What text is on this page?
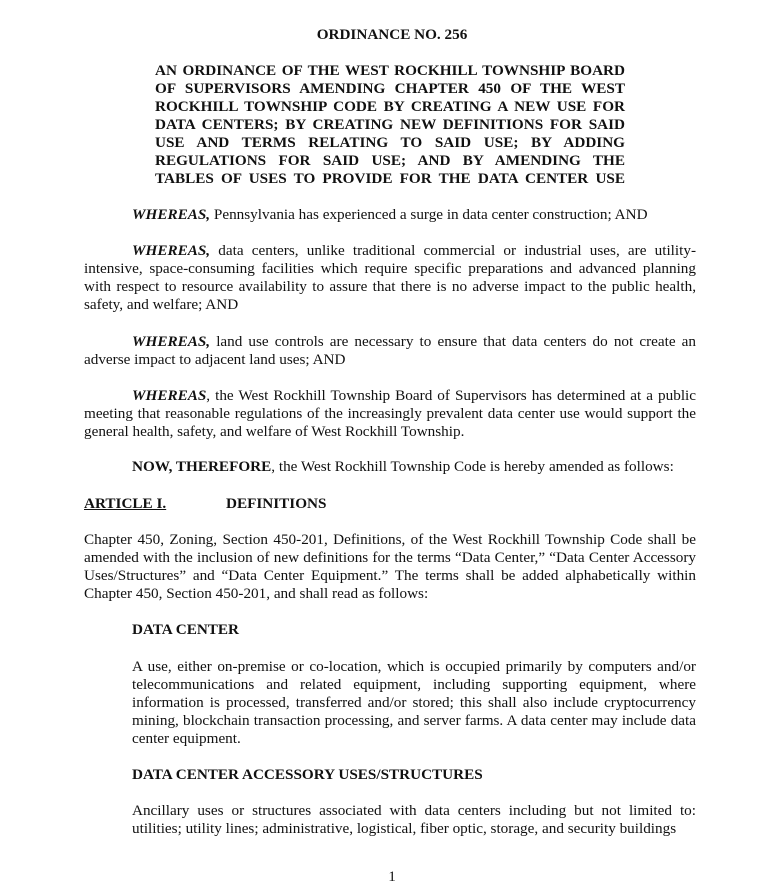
ORDINANCE NO. 256
AN ORDINANCE OF THE WEST ROCKHILL TOWNSHIP BOARD OF SUPERVISORS AMENDING CHAPTER 450 OF THE WEST ROCKHILL TOWNSHIP CODE BY CREATING A NEW USE FOR DATA CENTERS; BY CREATING NEW DEFINITIONS FOR SAID USE AND TERMS RELATING TO SAID USE; BY ADDING REGULATIONS FOR SAID USE; AND BY AMENDING THE TABLES OF USES TO PROVIDE FOR THE DATA CENTER USE
WHEREAS, Pennsylvania has experienced a surge in data center construction; AND
WHEREAS, data centers, unlike traditional commercial or industrial uses, are utility-intensive, space-consuming facilities which require specific preparations and advanced planning with respect to resource availability to assure that there is no adverse impact to the public health, safety, and welfare; AND
WHEREAS, land use controls are necessary to ensure that data centers do not create an adverse impact to adjacent land uses; AND
WHEREAS, the West Rockhill Township Board of Supervisors has determined at a public meeting that reasonable regulations of the increasingly prevalent data center use would support the general health, safety, and welfare of West Rockhill Township.
NOW, THEREFORE, the West Rockhill Township Code is hereby amended as follows:
ARTICLE I.	DEFINITIONS
Chapter 450, Zoning, Section 450-201, Definitions, of the West Rockhill Township Code shall be amended with the inclusion of new definitions for the terms “Data Center,” “Data Center Accessory Uses/Structures” and “Data Center Equipment.” The terms shall be added alphabetically within Chapter 450, Section 450-201, and shall read as follows:
DATA CENTER
A use, either on-premise or co-location, which is occupied primarily by computers and/or telecommunications and related equipment, including supporting equipment, where information is processed, transferred and/or stored; this shall also include cryptocurrency mining, blockchain transaction processing, and server farms. A data center may include data center equipment.
DATA CENTER ACCESSORY USES/STRUCTURES
Ancillary uses or structures associated with data centers including but not limited to: utilities; utility lines; administrative, logistical, fiber optic, storage, and security buildings
1
